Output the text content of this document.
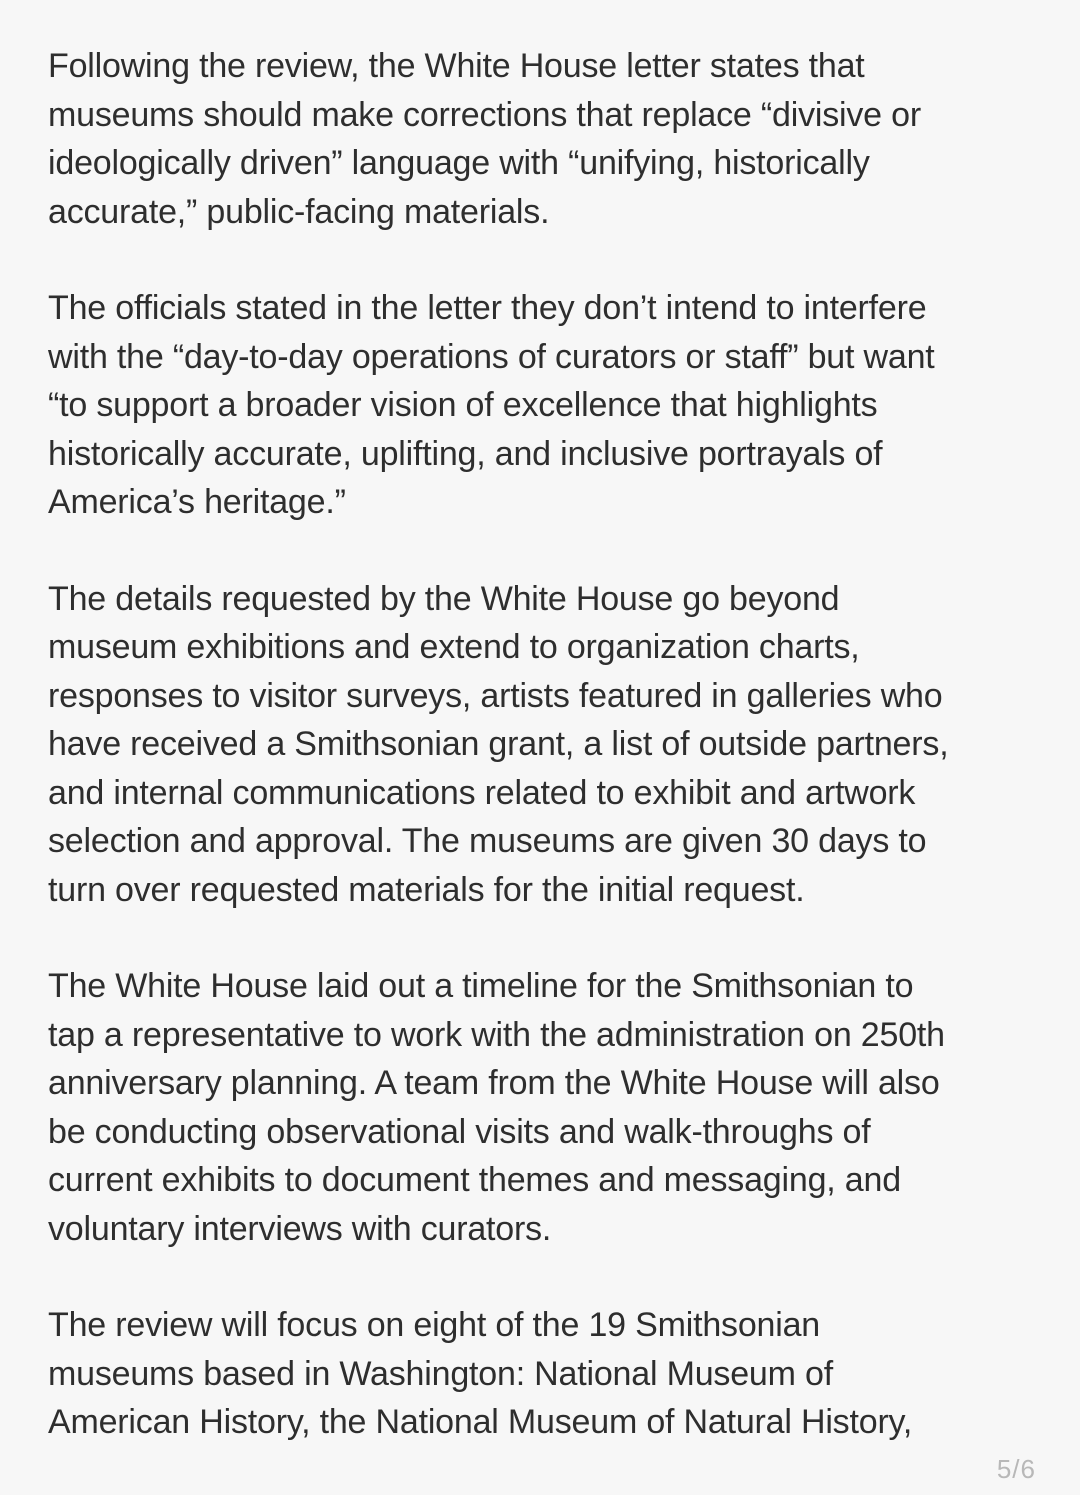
Following the review, the White House letter states that
museums should make corrections that replace “divisive or
ideologically driven” language with “unifying, historically
accurate,” public-facing materials.

The officials stated in the letter they don’t intend to interfere
with the “day-to-day operations of curators or staff” but want
“to support a broader vision of excellence that highlights
historically accurate, uplifting, and inclusive portrayals of
America’s heritage.”

The details requested by the White House go beyond
museum exhibitions and extend to organization charts,
responses to visitor surveys, artists featured in galleries who
have received a Smithsonian grant, a list of outside partners,
and internal communications related to exhibit and artwork
selection and approval. The museums are given 30 days to
turn over requested materials for the initial request.

The White House laid out a timeline for the Smithsonian to
tap a representative to work with the administration on 250th
anniversary planning. A team from the White House will also
be conducting observational visits and walk-throughs of
current exhibits to document themes and messaging, and
voluntary interviews with curators.

The review will focus on eight of the 19 Smithsonian
museums based in Washington: National Museum of
American History, the National Museum of Natural History,

5/6
